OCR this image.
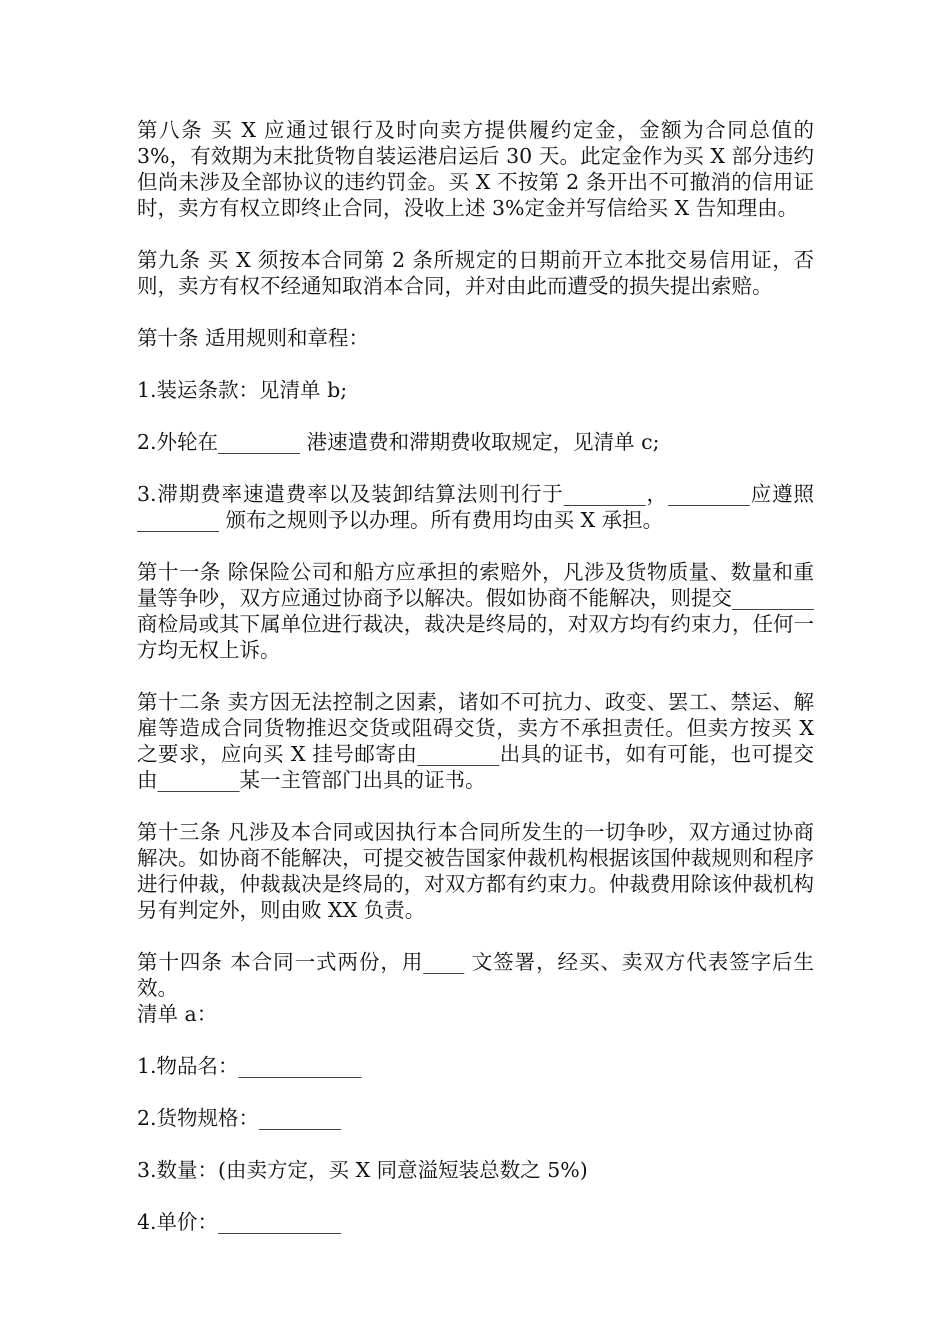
第八条 买 X 应通过银行及时向卖方提供履约定金，金额为合同总值的 3%，有效期为末批货物自装运港启运后 30 天。此定金作为买 X 部分违约但尚未涉及全部协议的违约罚金。买 X 不按第 2 条开出不可撤消的信用证时，卖方有权立即终止合同，没收上述 3%定金并写信给买 X 告知理由。

第九条 买 X 须按本合同第 2 条所规定的日期前开立本批交易信用证，否则，卖方有权不经通知取消本合同，并对由此而遭受的损失提出索赔。

第十条 适用规则和章程：

1.装运条款：见清单 b;

2.外轮在________ 港速遣费和滞期费收取规定，见清单 c;

3.滞期费率速遣费率以及装卸结算法则刊行于________，________应遵照________ 颁布之规则予以办理。所有费用均由买 X 承担。

第十一条 除保险公司和船方应承担的索赔外，凡涉及货物质量、数量和重量等争吵，双方应通过协商予以解决。假如协商不能解决，则提交________ 商检局或其下属单位进行裁决，裁决是终局的，对双方均有约束力，任何一方均无权上诉。

第十二条 卖方因无法控制之因素，诸如不可抗力、政变、罢工、禁运、解雇等造成合同货物推迟交货或阻碍交货，卖方不承担责任。但卖方按买 X 之要求，应向买 X 挂号邮寄由________出具的证书，如有可能，也可提交由________某一主管部门出具的证书。

第十三条 凡涉及本合同或因执行本合同所发生的一切争吵，双方通过协商解决。如协商不能解决，可提交被告国家仲裁机构根据该国仲裁规则和程序进行仲裁，仲裁裁决是终局的，对双方都有约束力。仲裁费用除该仲裁机构另有判定外，则由败 XX 负责。

第十四条 本合同一式两份，用____ 文签署，经买、卖双方代表签字后生效。

清单 a：

1.物品名：____________

2.货物规格：________

3.数量：(由卖方定，买 X 同意溢短装总数之 5%)

4.单价：____________
